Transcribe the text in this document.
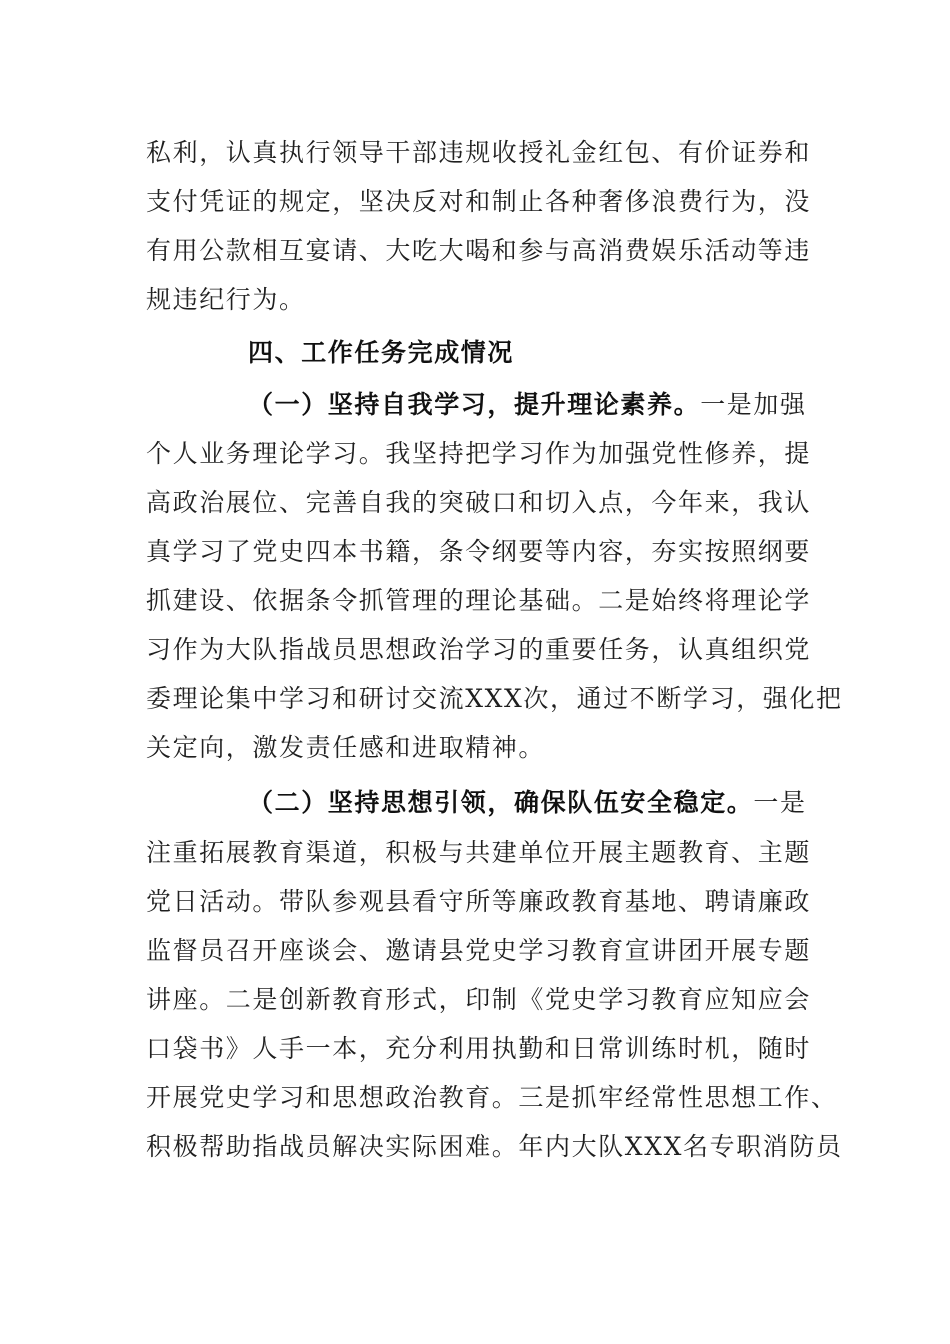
私利，认真执行领导干部违规收授礼金红包、有价证券和
支付凭证的规定，坚决反对和制止各种奢侈浪费行为，没
有用公款相互宴请、大吃大喝和参与高消费娱乐活动等违
规违纪行为。
四、工作任务完成情况
（一）坚持自我学习，提升理论素养。一是加强
个人业务理论学习。我坚持把学习作为加强党性修养，提
高政治展位、完善自我的突破口和切入点，今年来，我认
真学习了党史四本书籍，条令纲要等内容，夯实按照纲要
抓建设、依据条令抓管理的理论基础。二是始终将理论学
习作为大队指战员思想政治学习的重要任务，认真组织党
委理论集中学习和研讨交流XXX次，通过不断学习，强化把
关定向，激发责任感和进取精神。
（二）坚持思想引领，确保队伍安全稳定。一是
注重拓展教育渠道，积极与共建单位开展主题教育、主题
党日活动。带队参观县看守所等廉政教育基地、聘请廉政
监督员召开座谈会、邀请县党史学习教育宣讲团开展专题
讲座。二是创新教育形式，印制《党史学习教育应知应会
口袋书》人手一本，充分利用执勤和日常训练时机，随时
开展党史学习和思想政治教育。三是抓牢经常性思想工作、
积极帮助指战员解决实际困难。年内大队XXX名专职消防员
